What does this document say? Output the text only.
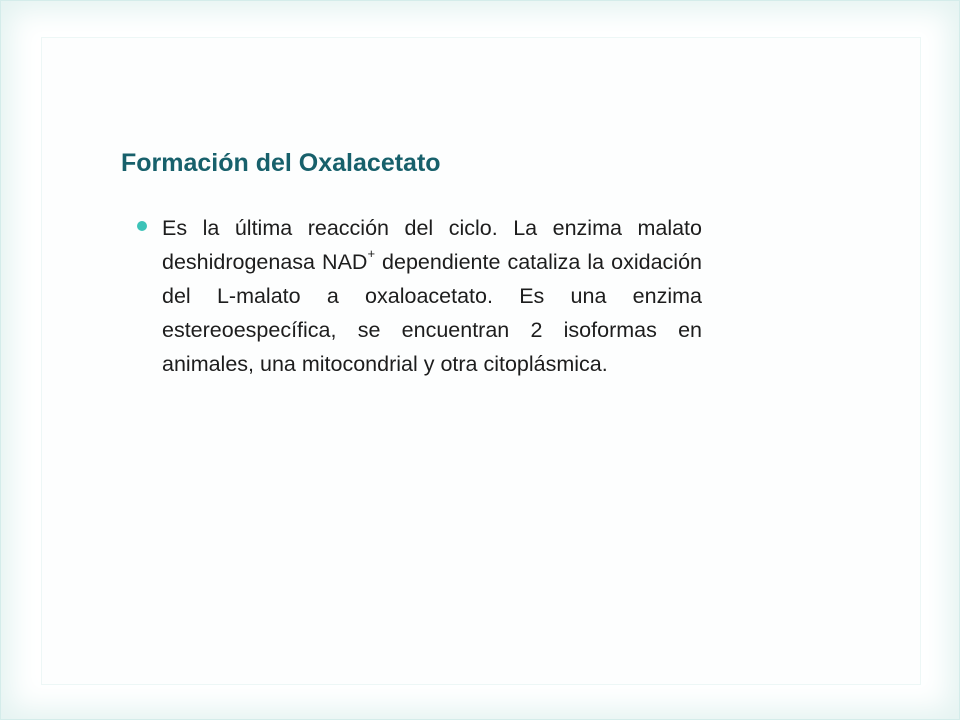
Formación del Oxalacetato

Es la última reacción del ciclo. La enzima malato deshidrogenasa NAD+ dependiente cataliza la oxidación del L-malato a oxaloacetato. Es una enzima estereoespecífica, se encuentran 2 isoformas en animales, una mitocondrial y otra citoplásmica.
